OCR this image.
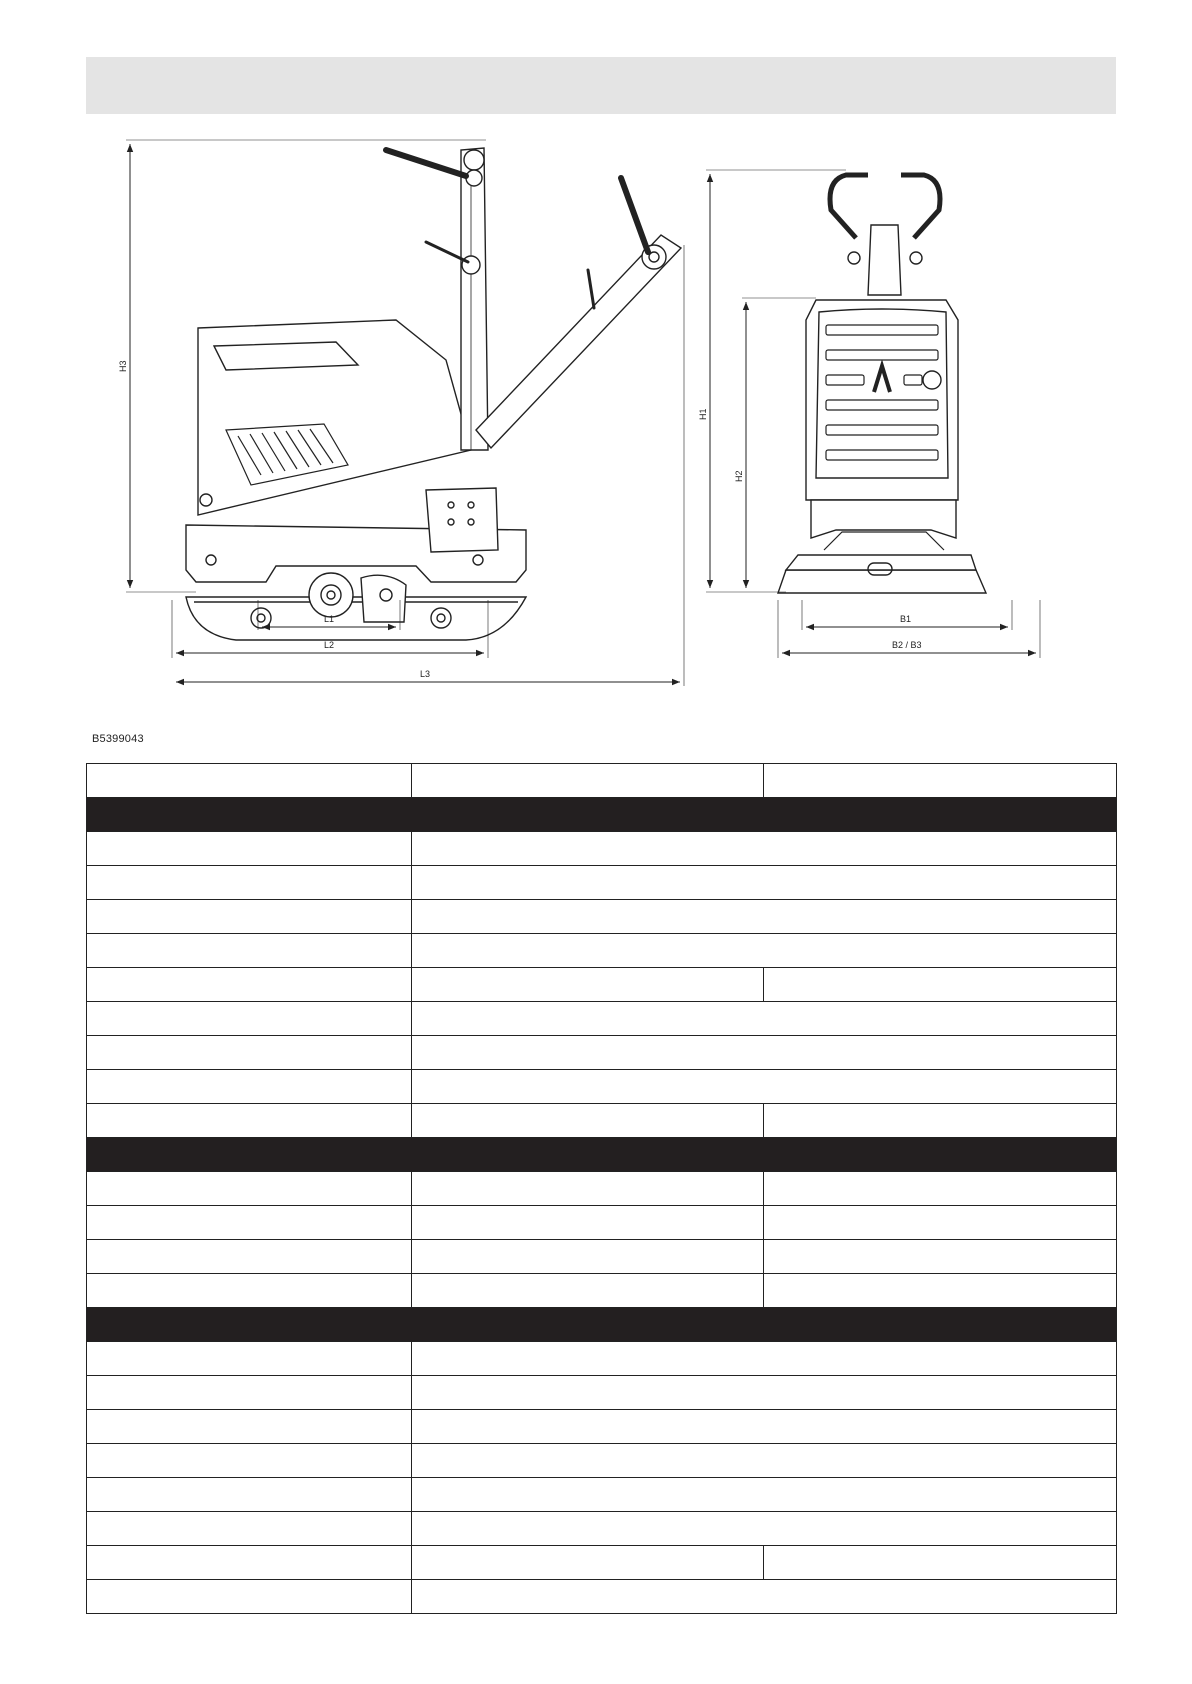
H3
L1
L2
L3
H1
H2
B1
B2 / B3
B5399043
